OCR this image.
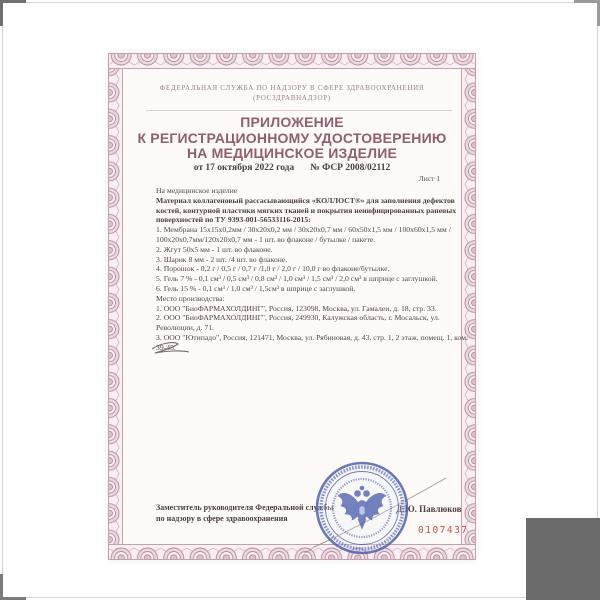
ФЕДЕРАЛЬНАЯ СЛУЖБА ПО НАДЗОРУ В СФЕРЕ ЗДРАВООХРАНЕНИЯ
(РОСЗДРАВНАДЗОР)
ПРИЛОЖЕНИЕ
К РЕГИСТРАЦИОННОМУ УДОСТОВЕРЕНИЮ
НА МЕДИЦИНСКОЕ ИЗДЕЛИЕ
от 17 октября 2022 года № ФСР 2008/02112
Лист 1

На медицинское изделие

Материал коллагеновый рассасывающийся «КОЛЛОСТ®» для заполнения дефектов костей, контурной пластики мягких тканей и покрытия неинфицированных раневых поверхностей по ТУ 9393-001-56533116-2015:

1. Мембрана 15х15х0,2мм / 30х20х0,2 мм / 30х20х0,7 мм / 60х50х1,5 мм / 100х60х1,5 мм / 100х20х0,7мм/120х20х0,7 мм - 1 шт. во флаконе / бутылке / пакете.

2. Жгут 50х5 мм - 1 шт. во флаконе.

3. Шарик 8 мм - 2 шт. /4 шт. во флаконе.

4. Порошок - 0,2 г / 0,5 г / 0,7 г /1,0 г / 2,0 г / 10,0 г во флаконе/бутылке.

5. Гель 7 % - 0,1 см³ / 0,5 см³ / 0,8 см³ / 1,0 см³ / 1,5 см³ / 2,0 см³ в шприце с заглушкой.

6. Гель 15 % - 0,1 см³ / 1,0 см³ / 1,5см³ в шприце с заглушкой.

Место производства:

1. ООО "БиоФАРМАХОЛДИНГ", Россия, 123098, Москва, ул. Гамалеи, д. 18, стр. 33.

2. ООО "БиоФАРМАХОЛДИНГ", Россия, 249930, Калужская область, г. Мосальск, ул. Революции, д. 71.

3. ООО "Ютипадо", Россия, 121471, Москва, ул. Рябиновая, д. 43, стр. 1, 2 этаж, помещ. 1, ком. 39-45.

Заместитель руководителя Федеральной службы
по надзору в сфере здравоохранения
Д.Ю. Павлюков
0107437
